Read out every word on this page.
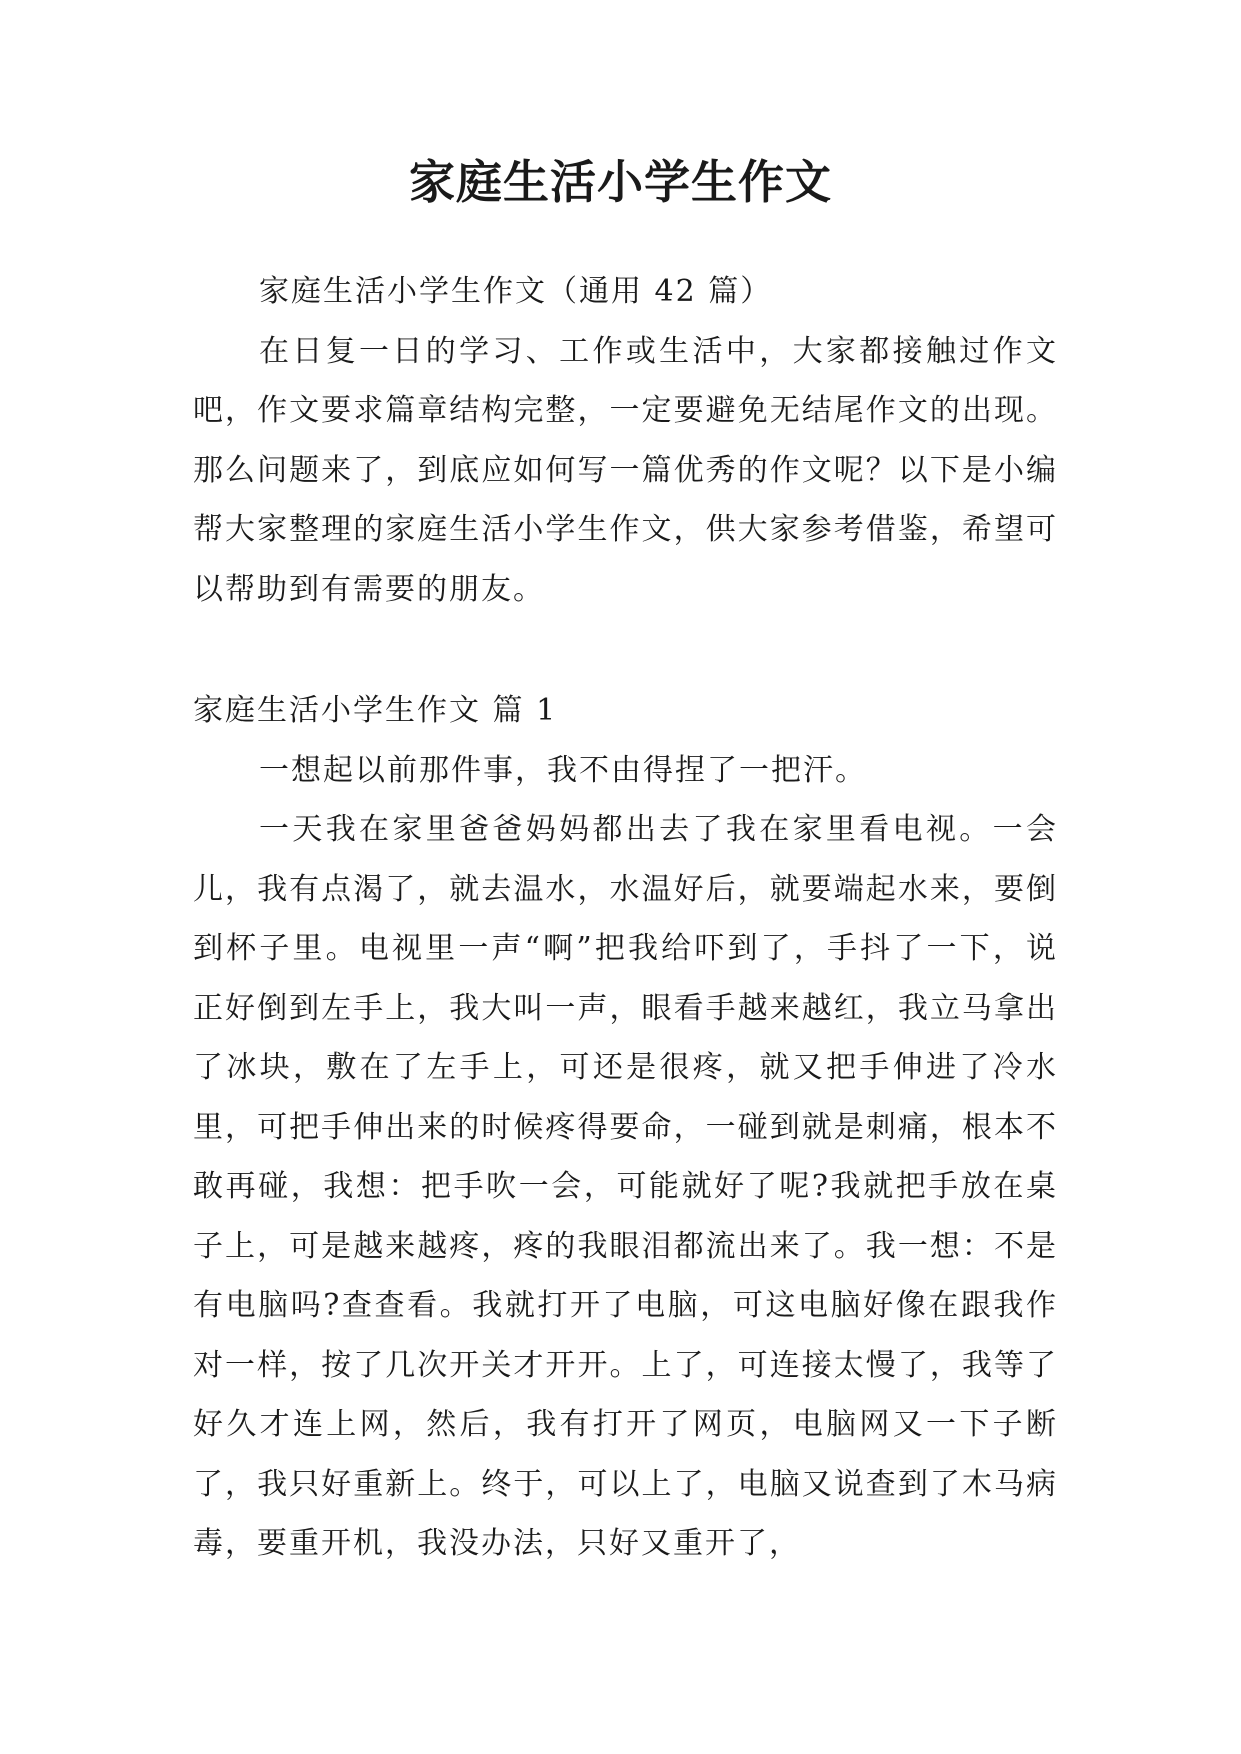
家庭生活小学生作文

家庭生活小学生作文（通用 42 篇）

在日复一日的学习、工作或生活中，大家都接触过作文吧，作文要求篇章结构完整，一定要避免无结尾作文的出现。那么问题来了，到底应如何写一篇优秀的作文呢？以下是小编帮大家整理的家庭生活小学生作文，供大家参考借鉴，希望可以帮助到有需要的朋友。

家庭生活小学生作文 篇 1

一想起以前那件事，我不由得捏了一把汗。

一天我在家里爸爸妈妈都出去了我在家里看电视。一会儿，我有点渴了，就去温水，水温好后，就要端起水来，要倒到杯子里。电视里一声“啊”把我给吓到了，手抖了一下，说正好倒到左手上，我大叫一声，眼看手越来越红，我立马拿出了冰块，敷在了左手上，可还是很疼，就又把手伸进了冷水里，可把手伸出来的时候疼得要命，一碰到就是刺痛，根本不敢再碰，我想：把手吹一会，可能就好了呢?我就把手放在桌子上，可是越来越疼，疼的我眼泪都流出来了。我一想：不是有电脑吗?查查看。我就打开了电脑，可这电脑好像在跟我作对一样，按了几次开关才开开。上了，可连接太慢了，我等了好久才连上网，然后，我有打开了网页，电脑网又一下子断了，我只好重新上。终于，可以上了，电脑又说查到了木马病毒，要重开机，我没办法，只好又重开了，
